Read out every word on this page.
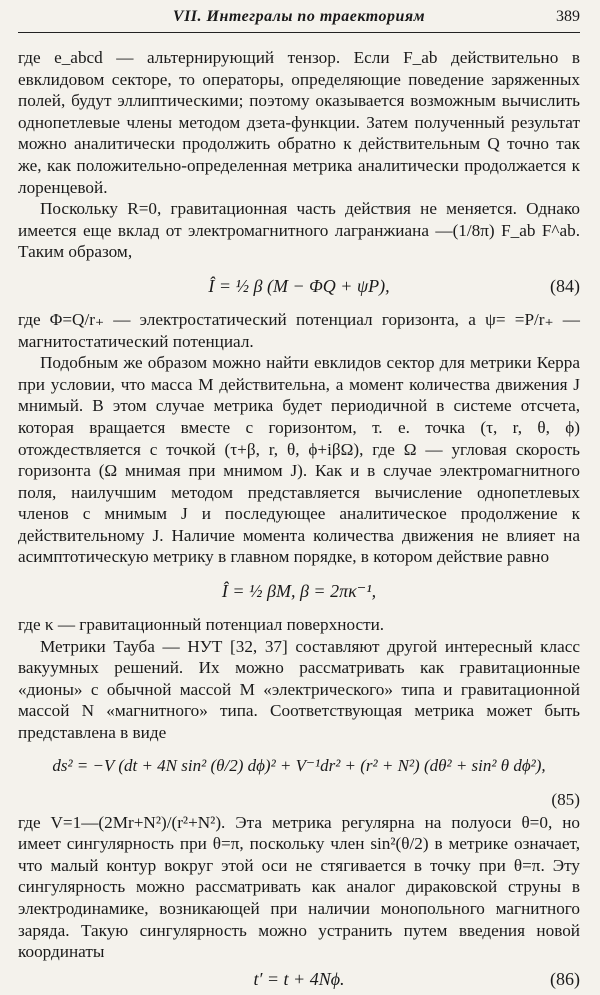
VII. Интегралы по траекториям	389

где e_abcd — альтернирующий тензор. Если F_ab действительно в евклидовом секторе, то операторы, определяющие поведение заряженных полей, будут эллиптическими; поэтому оказывается возможным вычислить однопетлевые члены методом дзета-функции. Затем полученный результат можно аналитически продолжить обратно к действительным Q точно так же, как положительно-определенная метрика аналитически продолжается к лоренцевой.

Поскольку R=0, гравитационная часть действия не меняется. Однако имеется еще вклад от электромагнитного лагранжиана —(1/8π) F_ab F^ab. Таким образом,

Î = ½ β (M − ΦQ + ψP),	(84)

где Φ=Q/r₊ — электростатический потенциал горизонта, а ψ= =P/r₊ — магнитостатический потенциал.

Подобным же образом можно найти евклидов сектор для метрики Керра при условии, что масса M действительна, а момент количества движения J мнимый. В этом случае метрика будет периодичной в системе отсчета, которая вращается вместе с горизонтом, т. е. точка (τ, r, θ, ϕ) отождествляется с точкой (τ+β, r, θ, ϕ+iβΩ), где Ω — угловая скорость горизонта (Ω мнимая при мнимом J). Как и в случае электромагнитного поля, наилучшим методом представляется вычисление однопетлевых членов с мнимым J и последующее аналитическое продолжение к действительному J. Наличие момента количества движения не влияет на асимптотическую метрику в главном порядке, в котором действие равно

Î = ½ βM, β = 2πκ⁻¹,

где κ — гравитационный потенциал поверхности.

Метрики Тауба — НУТ [32, 37] составляют другой интересный класс вакуумных решений. Их можно рассматривать как гравитационные «дионы» с обычной массой M «электрического» типа и гравитационной массой N «магнитного» типа. Соответствующая метрика может быть представлена в виде

ds² = −V (dt + 4N sin² (θ/2) dϕ)² + V⁻¹dr² + (r² + N²) (dθ² + sin² θ dϕ²),
(85)

где V=1—(2Mr+N²)/(r²+N²). Эта метрика регулярна на полуоси θ=0, но имеет сингулярность при θ=π, поскольку член sin²(θ/2) в метрике означает, что малый контур вокруг этой оси не стягивается в точку при θ=π. Эту сингулярность можно рассматривать как аналог дираковской струны в электродинамике, возникающей при наличии монопольного магнитного заряда. Такую сингулярность можно устранить путем введения новой координаты

t′ = t + 4Nϕ.	(86)
